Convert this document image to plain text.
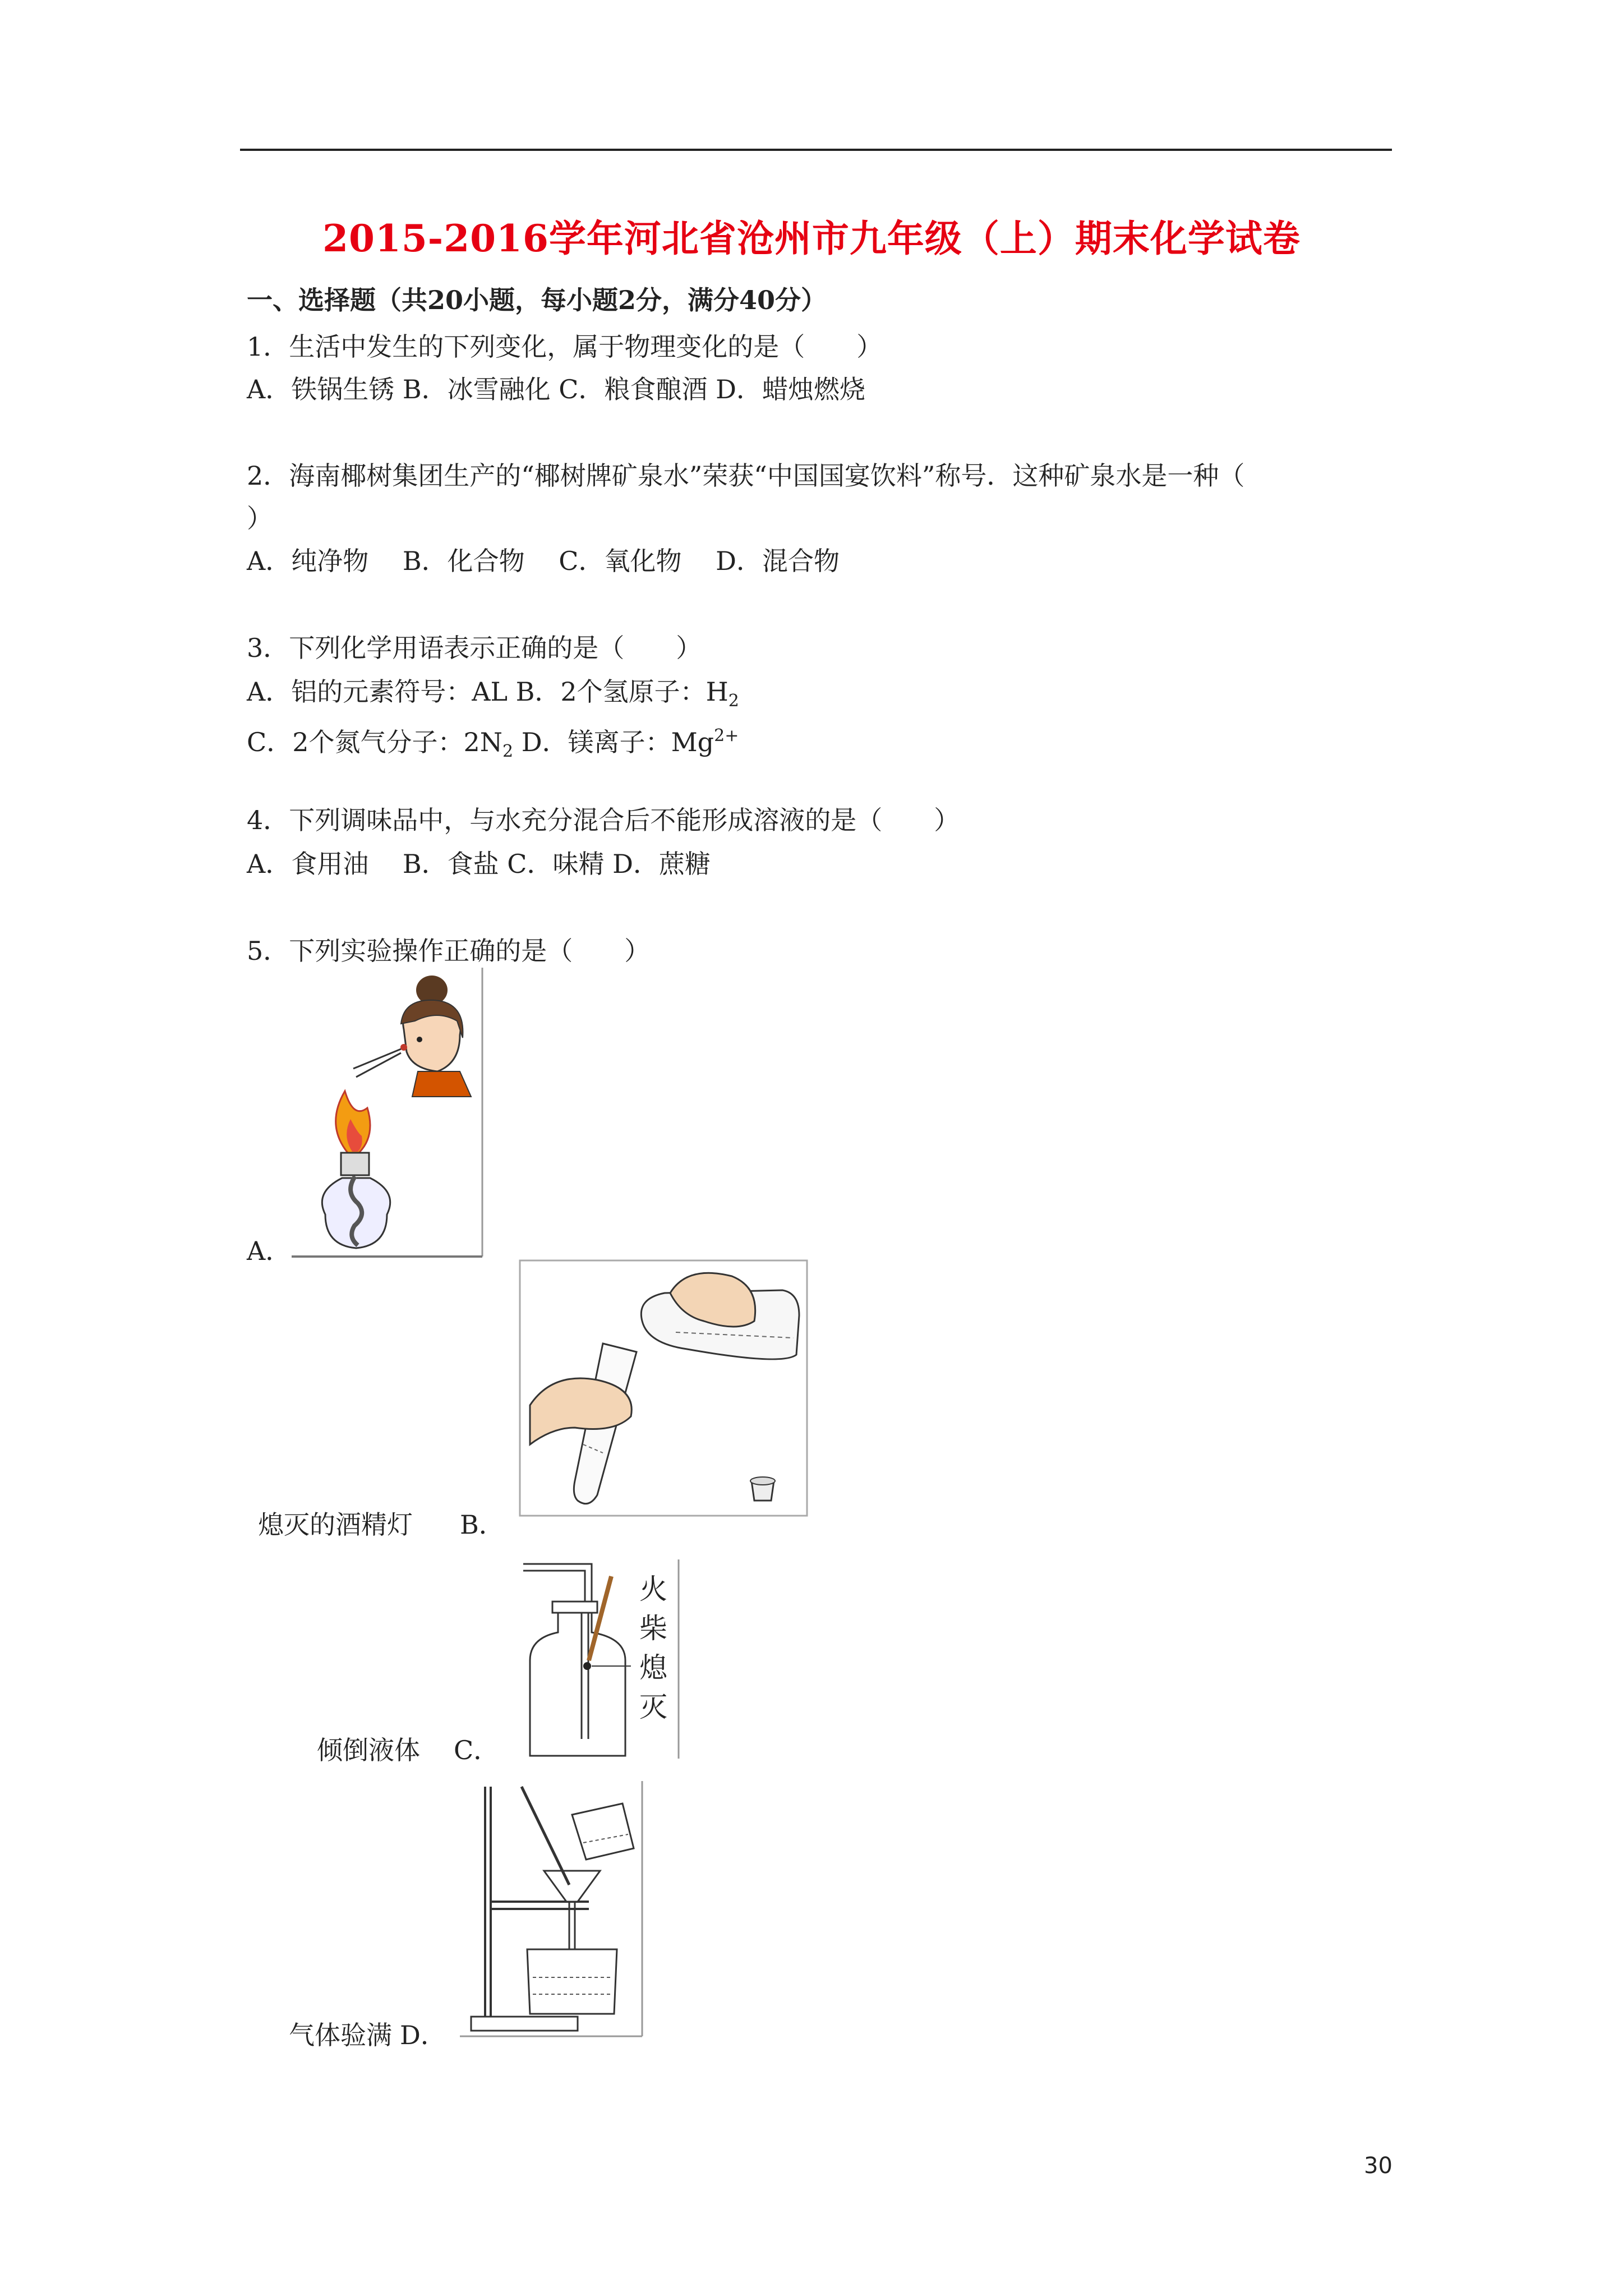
2015-2016学年河北省沧州市九年级（上）期末化学试卷
一、选择题（共20小题，每小题2分，满分40分）
1．生活中发生的下列变化，属于物理变化的是（　　）
A．铁锅生锈 B．冰雪融化 C．粮食酿酒 D．蜡烛燃烧
2．海南椰树集团生产的“椰树牌矿泉水”荣获“中国国宴饮料”称号．这种矿泉水是一种（
）
A．纯净物　 B．化合物　 C．氧化物　 D．混合物
3．下列化学用语表示正确的是（　　）
A．铝的元素符号：AL B．2个氢原子：$H_2$
C．2个氮气分子：$2N_2$ D．镁离子：$Mg^{2+}$
4．下列调味品中，与水充分混合后不能形成溶液的是（　　）
A．食用油　 B．食盐 C．味精 D．蔗糖
5．下列实验操作正确的是（　　）
A．
熄灭的酒精灯 B．
火
柴
熄
灭
倾倒液体 C．
气体验满 D．
30
